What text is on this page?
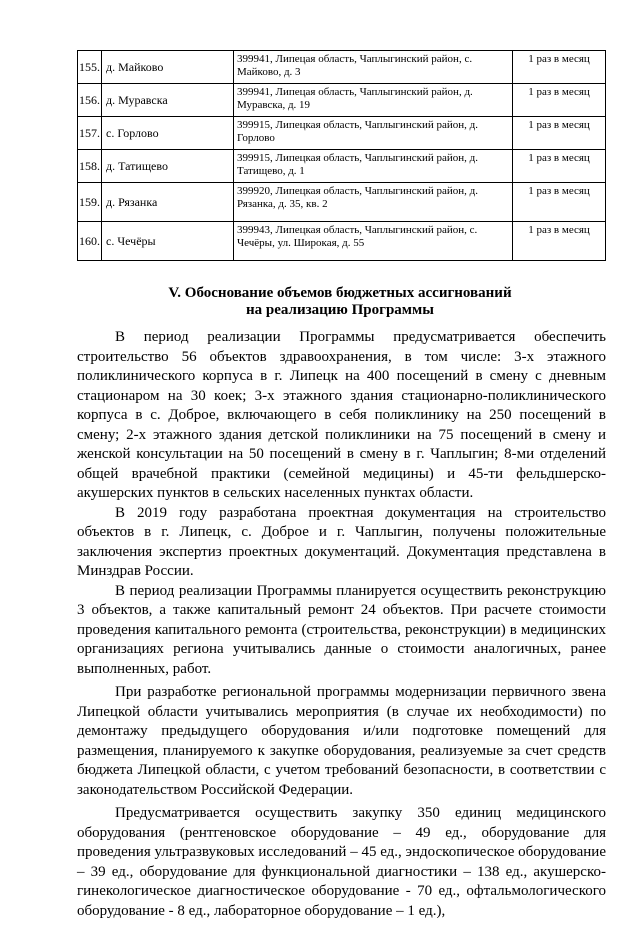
155.	д. Майково	399941, Липецая область, Чаплыгинский район, с. Майково, д. 3	1 раз в месяц
156.	д. Муравска	399941, Липецая область, Чаплыгинский район, д. Муравска, д. 19	1 раз в месяц
157.	с. Горлово	399915, Липецкая область, Чаплыгинский район, д. Горлово	1 раз в месяц
158.	д. Татищево	399915, Липецкая область, Чаплыгинский район, д. Татищево, д. 1	1 раз в месяц
159.	д. Рязанка	399920, Липецкая область, Чаплыгинский район, д. Рязанка, д. 35, кв. 2	1 раз в месяц
160.	с. Чечёры	399943, Липецкая область, Чаплыгинский район, с. Чечёры, ул. Широкая, д. 55	1 раз в месяц
V. Обоснование объемов бюджетных ассигнований
на реализацию Программы

В период реализации Программы предусматривается обеспечить строительство 56 объектов здравоохранения, в том числе: 3-х этажного поликлинического корпуса в г. Липецк на 400 посещений в смену с дневным стационаром на 30 коек; 3-х этажного здания стационарно-поликлинического корпуса в с. Доброе, включающего в себя поликлинику на 250 посещений в смену; 2-х этажного здания детской поликлиники на 75 посещений в смену и женской консультации на 50 посещений в смену в г. Чаплыгин; 8-ми отделений общей врачебной практики (семейной медицины) и 45-ти фельдшерско-акушерских пунктов в сельских населенных пунктах области.

В 2019 году разработана проектная документация на строительство объектов в г. Липецк, с. Доброе и г. Чаплыгин, получены положительные заключения экспертиз проектных документаций. Документация представлена в Минздрав России.

В период реализации Программы планируется осуществить реконструкцию 3 объектов, а также капитальный ремонт 24 объектов. При расчете стоимости проведения капитального ремонта (строительства, реконструкции) в медицинских организациях региона учитывались данные о стоимости аналогичных, ранее выполненных, работ.

При разработке региональной программы модернизации первичного звена Липецкой области учитывались мероприятия (в случае их необходимости) по демонтажу предыдущего оборудования и/или подготовке помещений для размещения, планируемого к закупке оборудования, реализуемые за счет средств бюджета Липецкой области, с учетом требований безопасности, в соответствии с законодательством Российской Федерации.

Предусматривается осуществить закупку 350 единиц медицинского оборудования (рентгеновское оборудование – 49 ед., оборудование для проведения ультразвуковых исследований – 45 ед., эндоскопическое оборудование – 39 ед., оборудование для функциональной диагностики – 138 ед., акушерско-гинекологическое диагностическое оборудование - 70 ед., офтальмологического оборудование - 8 ед., лабораторное оборудование – 1 ед.),
